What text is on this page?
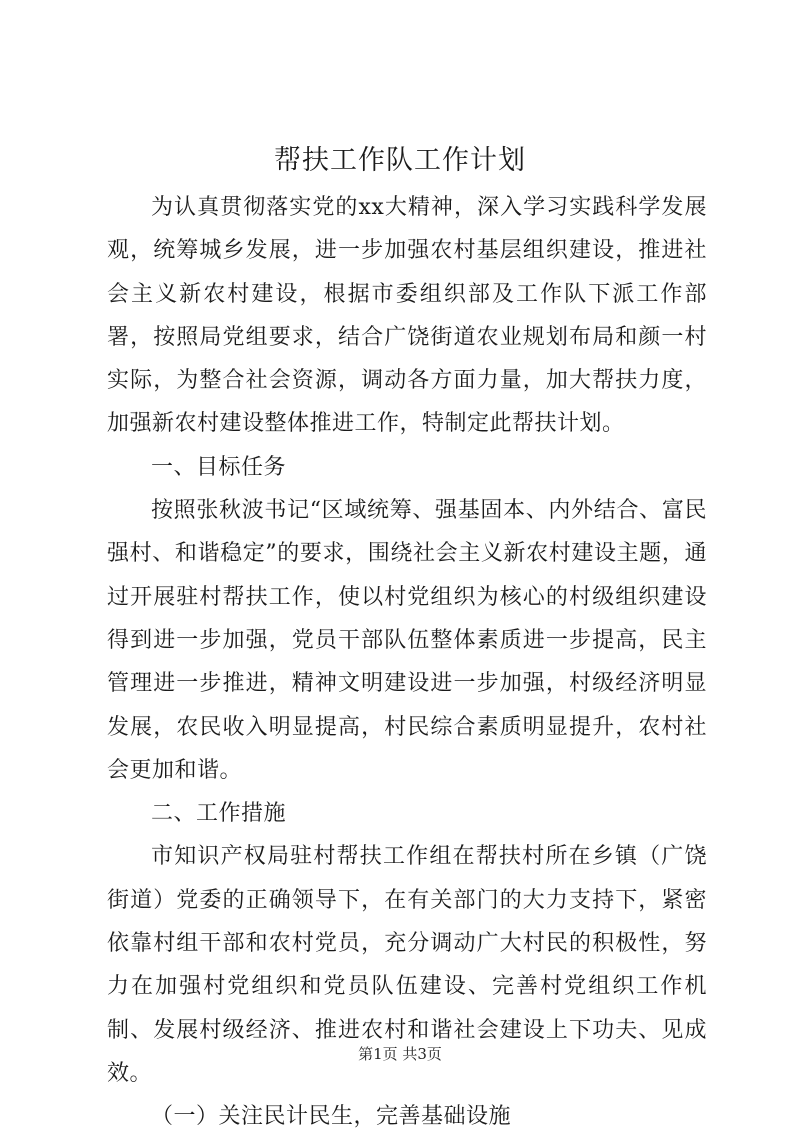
帮扶工作队工作计划

为认真贯彻落实党的xx大精神，深入学习实践科学发展观，统筹城乡发展，进一步加强农村基层组织建设，推进社会主义新农村建设，根据市委组织部及工作队下派工作部署，按照局党组要求，结合广饶街道农业规划布局和颜一村实际，为整合社会资源，调动各方面力量，加大帮扶力度，加强新农村建设整体推进工作，特制定此帮扶计划。

一、目标任务

按照张秋波书记“区域统筹、强基固本、内外结合、富民强村、和谐稳定”的要求，围绕社会主义新农村建设主题，通过开展驻村帮扶工作，使以村党组织为核心的村级组织建设得到进一步加强，党员干部队伍整体素质进一步提高，民主管理进一步推进，精神文明建设进一步加强，村级经济明显发展，农民收入明显提高，村民综合素质明显提升，农村社会更加和谐。

二、工作措施

市知识产权局驻村帮扶工作组在帮扶村所在乡镇（广饶街道）党委的正确领导下，在有关部门的大力支持下，紧密依靠村组干部和农村党员，充分调动广大村民的积极性，努力在加强村党组织和党员队伍建设、完善村党组织工作机制、发展村级经济、推进农村和谐社会建设上下功夫、见成效。

（一）关注民计民生，完善基础设施

第1页 共3页
